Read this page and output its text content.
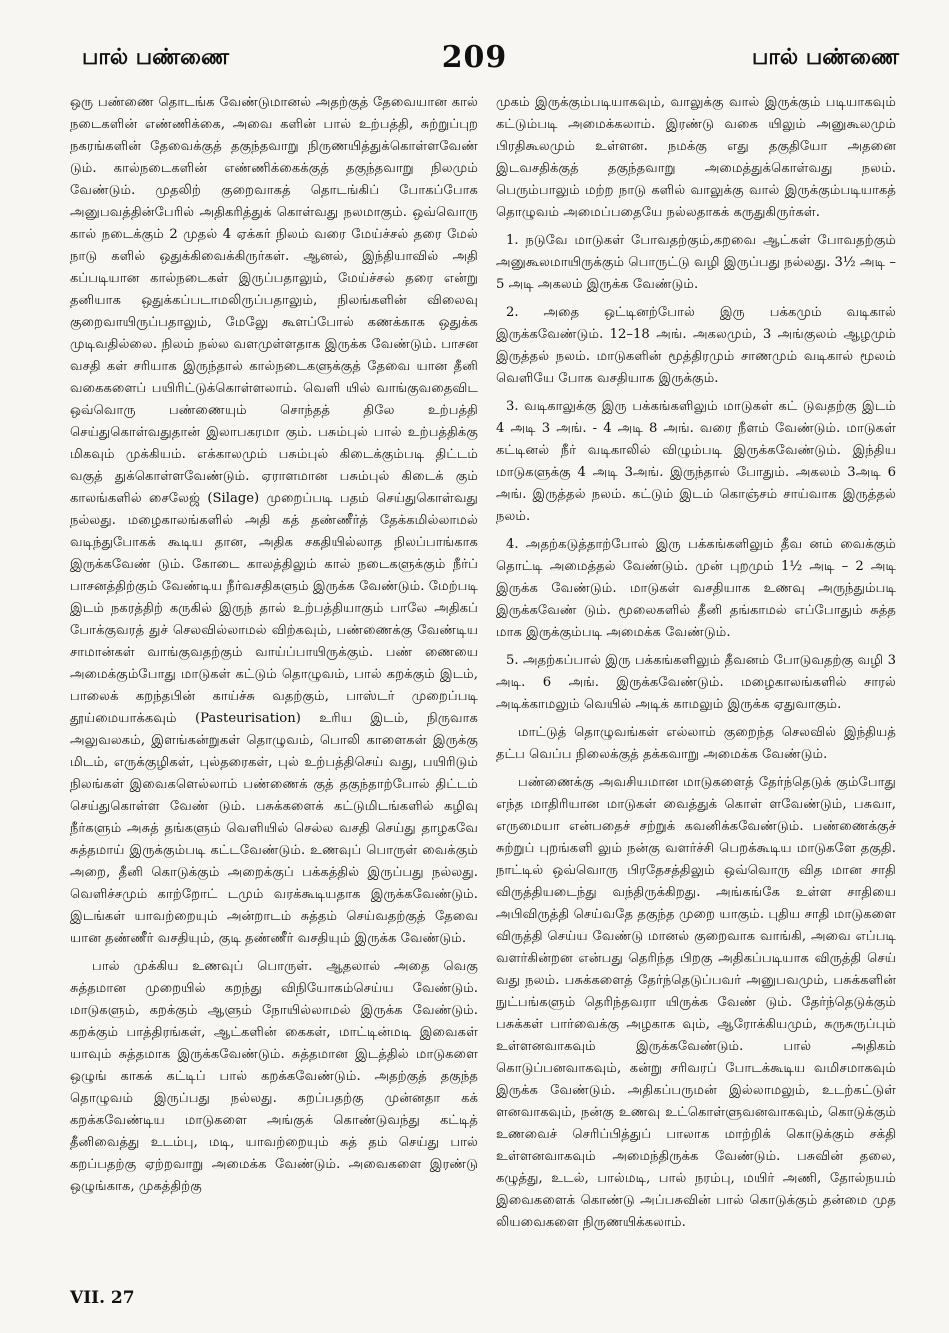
பால் பண்ணை	209	பால் பண்ணை

ஒரு பண்ணை தொடங்க வேண்டுமானல் அதற்குத் தேவையான கால் நடைகளின் எண்ணிக்கை, அவை களின் பால் உற்பத்தி, சுற்றுப்புற நகரங்களின் தேவைக்குத் தகுந்தவாறு நிருணயித்துக்கொள்ளவேண் டும். கால்நடைகளின் எண்ணிக்கைக்குத் தகுந்தவாறு நிலமும் வேண்டும். முதலிற் குறைவாகத் தொடங்கிப் போகப்போக அனுபவத்தின்பேரில் அதிகரித்துக் கொள்வது நலமாகும். ஒவ்வொரு கால் நடைக்கும் 2 முதல் 4 ஏக்கர் நிலம் வரை மேய்ச்சல் தரை மேல் நாடு களில் ஒதுக்கிவைக்கிருர்கள். ஆனல், இந்தியாவில் அதி கப்படியான கால்நடைகள் இருப்பதாலும், மேய்ச்சல் தரை என்று தனியாக ஒதுக்கப்படாமலிருப்பதாலும், நிலங்களின் விலைவு குறைவாயிருப்பதாலும், மேலுே கூளப்போல் கணக்காக ஒதுக்க முடிவதில்லை. நிலம் நல்ல வளமுள்ளதாக இருக்க வேண்டும். பாசன வசதி கள் சரியாக இருந்தால் கால்நடைகளுக்குத் தேவை யான தீனி வகைகளைப் பயிரிட்டுக்கொள்ளலாம். வெளி யில் வாங்குவதைவிட ஒவ்வொரு பண்ணையும் சொந்தத் திலே உற்பத்தி செய்துகொள்வதுதான் இலாபகரமா கும். பசும்புல் பால் உற்பத்திக்கு மிகவும் முக்கியம். எக்காலமும் பசும்புல் கிடைக்கும்படி திட்டம் வகுத் துக்கொள்ளவேண்டும். ஏராளமான பசும்புல் கிடைக் கும் காலங்களில் சைலேஜ் (Silage) முறைப்படி பதம் செய்துகொள்வது நல்லது. மழைகாலங்களில் அதி கத் தண்ணீர்த் தேக்கமில்லாமல் வடிந்துபோகக் கூடிய தான, அதிக சகதியில்லாத நிலப்பாங்காக இருக்கவேண் டும். கோடை காலத்திலும் கால் நடைகளுக்கும் நீர்ப் பாசனத்திற்கும் வேண்டிய நீர்வசதிகளும் இருக்க வேண்டும். மேற்படி இடம் நகரத்திற் கருகில் இருந் தால் உற்பத்தியாகும் பாலே அதிகப் போக்குவரத் துச் செலவில்லாமல் விற்கவும், பண்ணைக்கு வேண்டிய சாமான்கள் வாங்குவதற்கும் வாய்ப்பாயிருக்கும். பண் ணையை அமைக்கும்போது மாடுகள் கட்டும் தொழுவம், பால் கறக்கும் இடம், பாலைக் கறந்தபின் காய்ச்சு வதற்கும், பாஸ்டர் முறைப்படி தூய்மையாக்கவும் (Pasteurisation) உரிய இடம், நிருவாக அலுவலகம், இளங்கன்றுகள் தொழுவம், பொலி காளைகள் இருக்கு மிடம், எருக்குழிகள், புல்தரைகள், புல் உற்பத்திசெய் வது, பயிரிடும் நிலங்கள் இவைகளெல்லாம் பண்ணைக் குத் தகுந்தாற்போல் திட்டம் செய்துகொள்ள வேண் டும். பசுக்களைக் கட்டுமிடங்களில் கழிவு நீர்களும் அசுத் தங்களும் வெளியில் செல்ல வசதி செய்து தாழகவே சுத்தமாய் இருக்கும்படி கட்டவேண்டும். உணவுப் பொருள் வைக்கும் அறை, தீனி கொடுக்கும் அறைக்குப் பக்கத்தில் இருப்பது நல்லது. வெளிச்சமும் காற்றோட் டமும் வரக்கூடியதாக இருக்கவேண்டும். இடங்கள் யாவற்றையும் அன்றாடம் சுத்தம் செய்வதற்குத் தேவை யான தண்ணீர் வசதியும், குடி தண்ணீர் வசதியும் இருக்க வேண்டும்.

பால் முக்கிய உணவுப் பொருள். ஆதலால் அதை வெகு சுத்தமான முறையில் கறந்து விநியோகம்செய்ய வேண்டும். மாடுகளும், கறக்கும் ஆளும் நோயில்லாமல் இருக்க வேண்டும். கறக்கும் பாத்திரங்கள், ஆட்களின் கைகள், மாட்டின்மடி இவைகள் யாவும் சுத்தமாக இருக்கவேண்டும். சுத்தமான இடத்தில் மாடுகளை ஒழுங் காகக் கட்டிப் பால் கறக்கவேண்டும். அதற்குத் தகுந்த தொழுவம் இருப்பது நல்லது. கறப்பதற்கு முன்னதா கக் கறக்கவேண்டிய மாடுகளை அங்குக் கொண்டுவந்து கட்டித் தீனிவைத்து உடம்பு, மடி, யாவற்றையும் சுத் தம் செய்து பால் கறப்பதற்கு ஏற்றவாறு அமைக்க வேண்டும். அவைகளை இரண்டு ஒழுங்காக, முகத்திற்கு

முகம் இருக்கும்படியாகவும், வாலுக்கு வால் இருக்கும் படியாகவும் கட்டும்படி அமைக்கலாம். இரண்டு வகை யிலும் அனுகூலமும் பிரதிகூலமும் உள்ளன. நமக்கு எது தகுதியோ அதனை இடவசதிக்குத் தகுந்தவாறு அமைத்துக்கொள்வது நலம். பெரும்பாலும் மற்ற நாடு களில் வாலுக்கு வால் இருக்கும்படியாகத் தொழுவம் அமைப்பதையே நல்லதாகக் கருதுகிருர்கள்.

1. நடுவே மாடுகள் போவதற்கும்,கறவை ஆட்கள் போவதற்கும் அனுகூலமாயிருக்கும் பொருட்டு வழி இருப்பது நல்லது. 3½ அடி – 5 அடி அகலம் இருக்க வேண்டும்.

2. அதை ஒட்டினற்போல் இரு பக்கமும் வடிகால் இருக்கவேண்டும். 12–18 அங். அகலமும், 3 அங்குலம் ஆழமும் இருத்தல் நலம். மாடுகளின் மூத்திரமும் சாணமும் வடிகால் மூலம் வெளியே போக வசதியாக இருக்கும்.

3. வடிகாலுக்கு இரு பக்கங்களிலும் மாடுகள் கட் டுவதற்கு இடம் 4 அடி 3 அங். - 4 அடி 8 அங். வரை நீளம் வேண்டும். மாடுகள் கட்டினல் நீர் வடிகாலில் விழும்படி இருக்கவேண்டும். இந்திய மாடுகளுக்கு 4 அடி 3அங். இருந்தால் போதும். அகலம் 3அடி 6 அங். இருத்தல் நலம். கட்டும் இடம் கொஞ்சம் சாய்வாக இருத்தல் நலம்.

4. அதற்கடுத்தாற்போல் இரு பக்கங்களிலும் தீவ னம் வைக்கும் தொட்டி அமைத்தல் வேண்டும். முன் புறமும் 1½ அடி – 2 அடி இருக்க வேண்டும். மாடுகள் வசதியாக உணவு அருந்தும்படி இருக்கவேண் டும். மூலைகளில் தீனி தங்காமல் எப்போதும் சுத்த மாக இருக்கும்படி அமைக்க வேண்டும்.

5. அதற்கப்பால் இரு பக்கங்களிலும் தீவனம் போடுவதற்கு வழி 3 அடி. 6 அங். இருக்கவேண்டும். மழைகாலங்களில் சாரல் அடிக்காமலும் வெயில் அடிக் காமலும் இருக்க ஏதுவாகும்.

மாட்டுத் தொழுவங்கள் எல்லாம் குறைந்த செலவில் இந்தியத் தட்ப வெப்ப நிலைக்குத் தக்கவாறு அமைக்க வேண்டும்.

பண்ணைக்கு அவசியமான மாடுகளைத் தேர்ந்தெடுக் கும்போது எந்த மாதிரியான மாடுகள் வைத்துக் கொள் ளவேண்டும், பசுவா, எருமையா என்பதைச் சற்றுக் கவனிக்கவேண்டும். பண்ணைக்குச் சுற்றுப் புறங்களி லும் நன்கு வளர்ச்சி பெறக்கூடிய மாடுகளே தகுதி. நாட்டில் ஒவ்வொரு பிரதேசத்திலும் ஒவ்வொரு வித மான சாதி விருத்தியடைந்து வந்திருக்கிறது. அங்கங்கே உள்ள சாதியை அபிவிருத்தி செய்வதே தகுந்த முறை யாகும். புதிய சாதி மாடுகளை விருத்தி செய்ய வேண்டு மானல் குறைவாக வாங்கி, அவை எப்படி வளர்கின்றன என்பது தெரிந்த பிறகு அதிகப்படியாக விருத்தி செய் வது நலம். பசுக்களைத் தேர்ந்தெடுப்பவர் அனுபவமும், பசுக்களின் நுட்பங்களும் தெரிந்தவரா யிருக்க வேண் டும். தேர்ந்தெடுக்கும் பசுக்கள் பார்வைக்கு அழகாக வும், ஆரோக்கியமும், சுருசுருப்பும் உள்ளனவாகவும் இருக்கவேண்டும். பால் அதிகம் கொடுப்பனவாகவும், கன்று சரிவரப் போடக்கூடிய வமிசமாகவும் இருக்க வேண்டும். அதிகப்பருமன் இல்லாமலும், உடற்கட்டுள் ளனவாகவும், நன்கு உணவு உட்கொள்ளுவனவாகவும், கொடுக்கும் உணவைச் செரிப்பித்துப் பாலாக மாற்றிக் கொடுக்கும் சக்தி உள்ளனவாகவும் அமைந்திருக்க வேண்டும். பசுவின் தலை, கழுத்து, உடல், பால்மடி, பால் நரம்பு, மயிர் அணி, தோல்நயம் இவைகளைக் கொண்டு அப்பசுவின் பால் கொடுக்கும் தன்மை முத லியவைகளை நிருணயிக்கலாம்.

VII. 27
